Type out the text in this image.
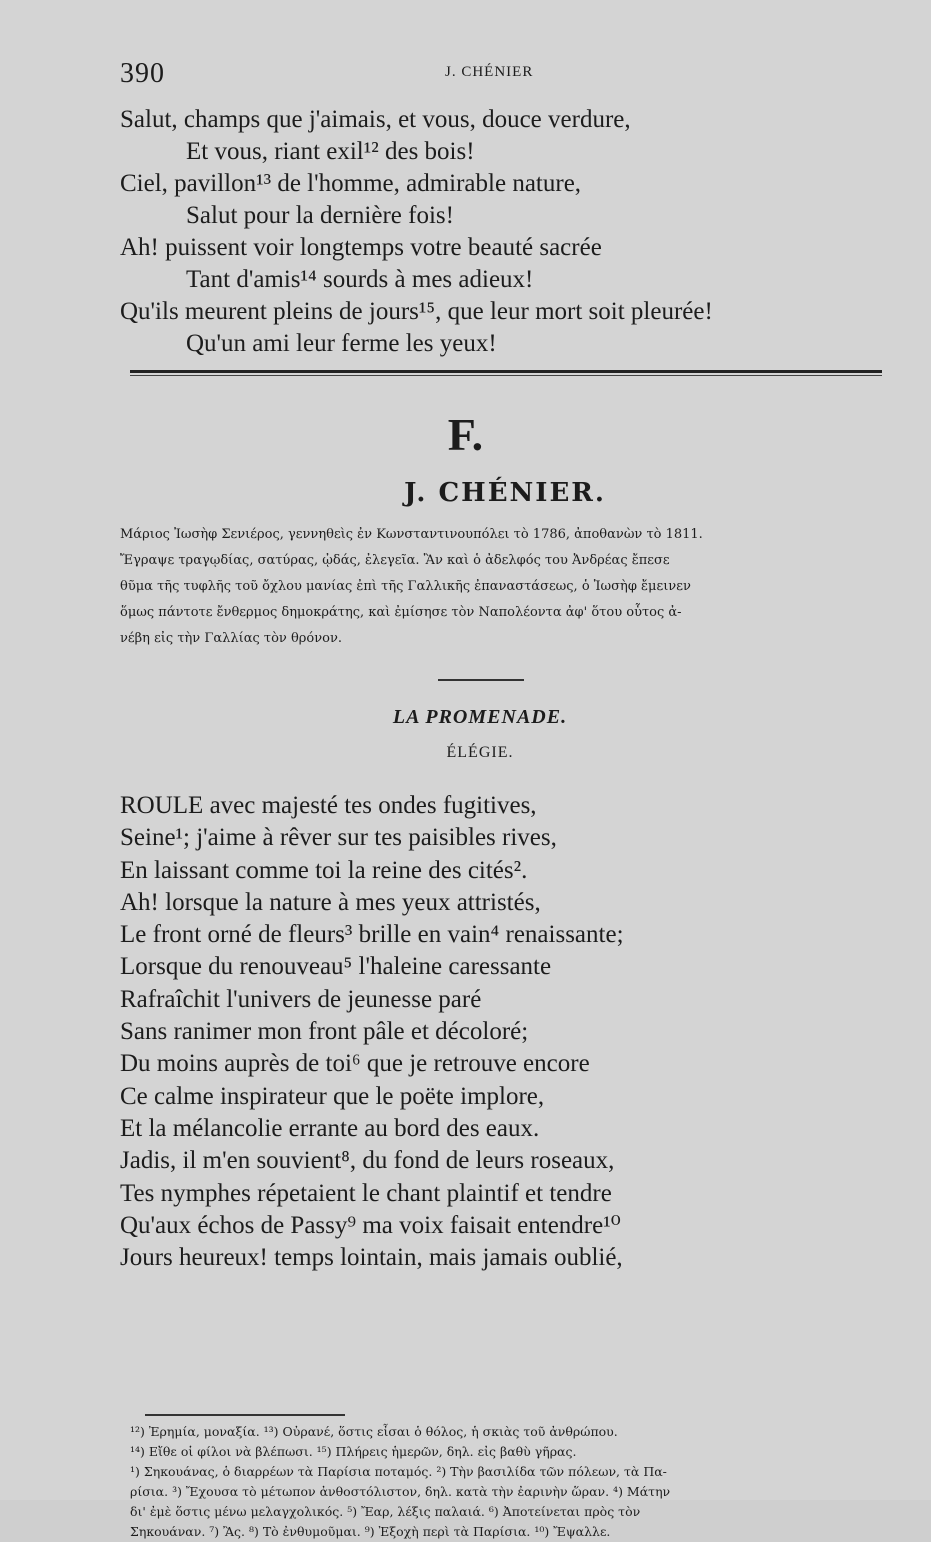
390	J. CHÉNIER
Salut, champs que j'aimais, et vous, douce verdure,
Et vous, riant exil¹² des bois!
Ciel, pavillon¹³ de l'homme, admirable nature,
Salut pour la dernière fois!
Ah! puissent voir longtemps votre beauté sacrée
Tant d'amis¹⁴ sourds à mes adieux!
Qu'ils meurent pleins de jours¹⁵, que leur mort soit pleurée!
Qu'un ami leur ferme les yeux!
F.
J. CHÉNIER.
Μάριος Ἰωσὴφ Σενιέρος, γεννηθεὶς ἐν Κωνσταντινουπόλει τὸ 1786, ἀποθανὼν τὸ 1811.
Ἔγραψε τραγῳδίας, σατύρας, ᾠδάς, ἐλεγεῖα. Ἂν καὶ ὁ ἀδελφός του Ἀνδρέας ἔπεσε
θῦμα τῆς τυφλῆς τοῦ ὄχλου μανίας ἐπὶ τῆς Γαλλικῆς ἐπαναστάσεως, ὁ Ἰωσὴφ ἔμεινεν
ὅμως πάντοτε ἔνθερμος δημοκράτης, καὶ ἐμίσησε τὸν Ναπολέοντα ἀφ' ὅτου οὗτος ἀ-
νέβη εἰς τὴν Γαλλίας τὸν θρόνον.
LA PROMENADE.
ÉLÉGIE.
ROULE avec majesté tes ondes fugitives,
Seine¹; j'aime à rêver sur tes paisibles rives,
En laissant comme toi la reine des cités².
Ah! lorsque la nature à mes yeux attristés,
Le front orné de fleurs³ brille en vain⁴ renaissante;
Lorsque du renouveau⁵ l'haleine caressante
Rafraîchit l'univers de jeunesse paré
Sans ranimer mon front pâle et décoloré;
Du moins auprès de toi⁶ que je retrouve encore
Ce calme inspirateur que le poëte implore,
Et la mélancolie errante au bord des eaux.
Jadis, il m'en souvient⁸, du fond de leurs roseaux,
Tes nymphes répetaient le chant plaintif et tendre
Qu'aux échos de Passy⁹ ma voix faisait entendre¹⁰
Jours heureux! temps lointain, mais jamais oublié,
¹²) Ἐρημία, μοναξία. ¹³) Οὐρανέ, ὅστις εἶσαι ὁ θόλος, ἡ σκιὰς τοῦ ἀνθρώπου.
¹⁴) Εἴθε οἱ φίλοι νὰ βλέπωσι. ¹⁵) Πλήρεις ἡμερῶν, δηλ. εἰς βαθὺ γῆρας.
¹) Σηκουάνας, ὁ διαρρέων τὰ Παρίσια ποταμός. ²) Τὴν βασιλίδα τῶν πόλεων, τὰ Πα-
ρίσια. ³) Ἔχουσα τὸ μέτωπον ἀνθοστόλιστον, δηλ. κατὰ τὴν ἐαρινὴν ὥραν. ⁴) Μάτην
δι' ἐμὲ ὅστις μένω μελαγχολικός. ⁵) Ἔαρ, λέξις παλαιά. ⁶) Ἀποτείνεται πρὸς τὸν
Σηκουάναν. ⁷) Ἂς. ⁸) Τὸ ἐνθυμοῦμαι. ⁹) Ἐξοχὴ περὶ τὰ Παρίσια. ¹⁰) Ἔψαλλε.
